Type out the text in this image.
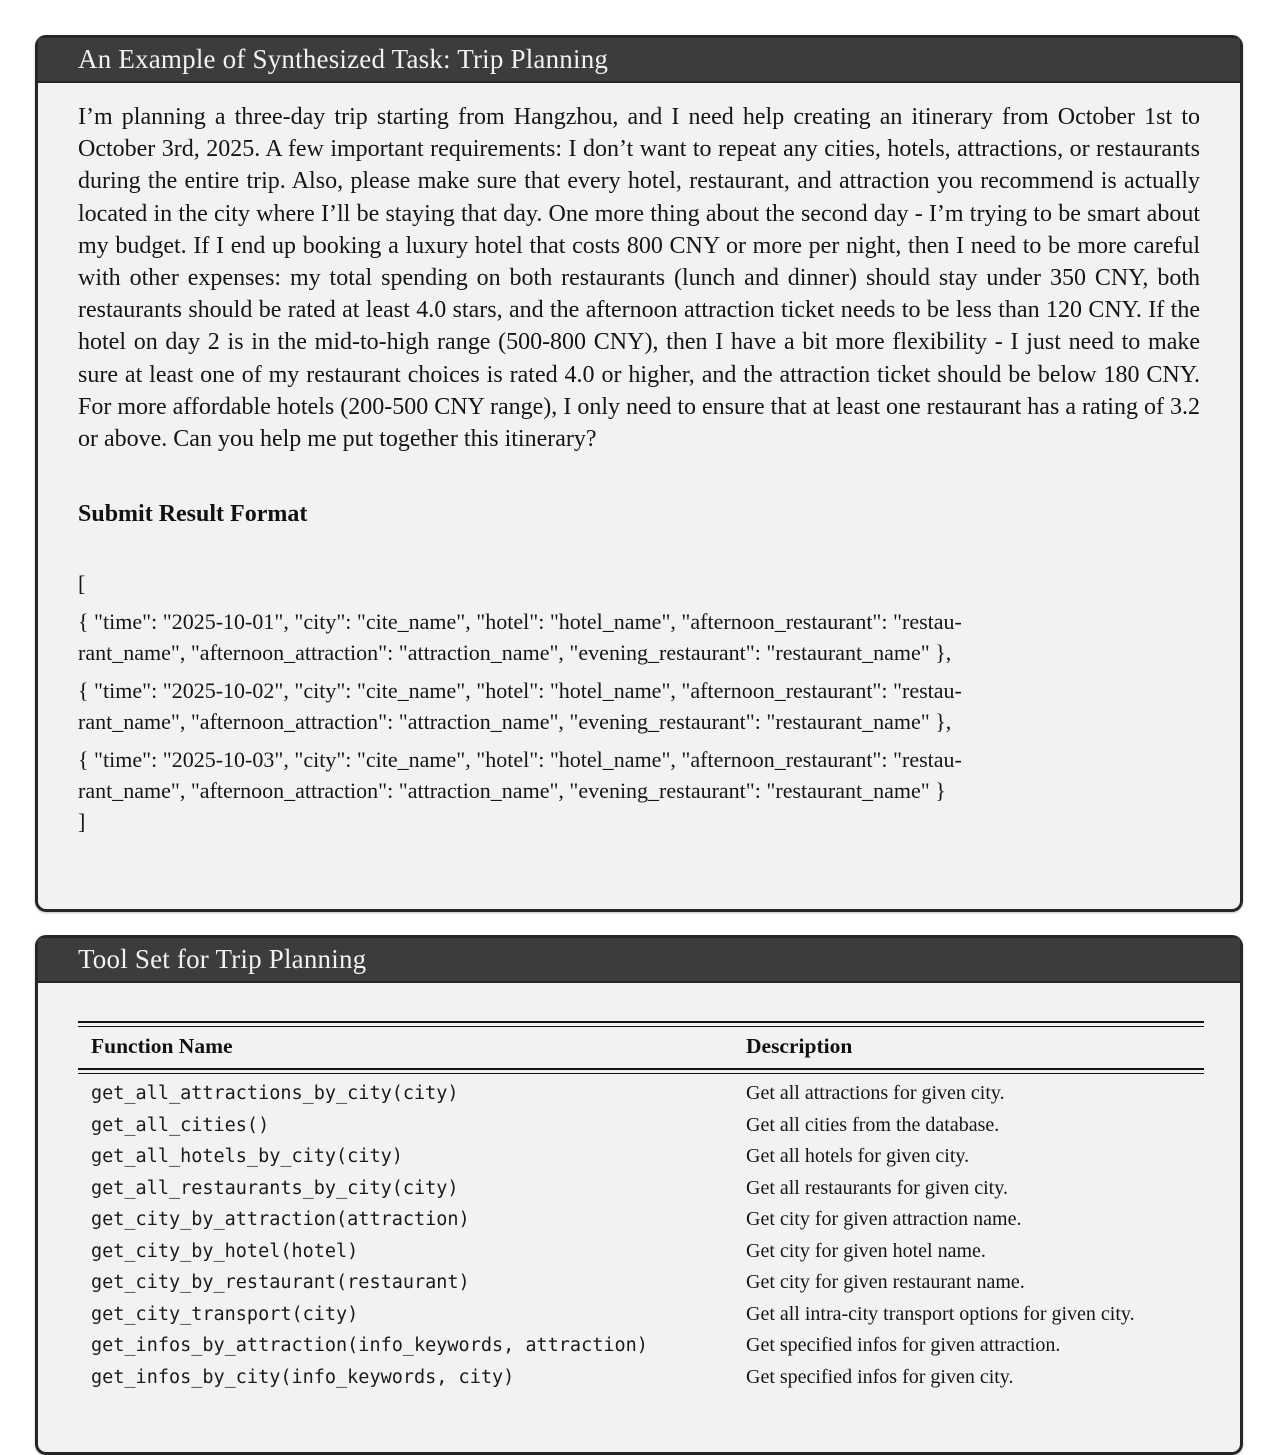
An Example of Synthesized Task: Trip Planning

I’m planning a three-day trip starting from Hangzhou, and I need help creating an itinerary from October 1st to October 3rd, 2025. A few important requirements: I don’t want to repeat any cities, hotels, attractions, or restaurants during the entire trip. Also, please make sure that every hotel, restaurant, and attraction you recommend is actually located in the city where I’ll be staying that day. One more thing about the second day - I’m trying to be smart about my budget. If I end up booking a luxury hotel that costs 800 CNY or more per night, then I need to be more careful with other expenses: my total spending on both restaurants (lunch and dinner) should stay under 350 CNY, both restaurants should be rated at least 4.0 stars, and the afternoon attraction ticket needs to be less than 120 CNY. If the hotel on day 2 is in the mid-to-high range (500-800 CNY), then I have a bit more flexibility - I just need to make sure at least one of my restaurant choices is rated 4.0 or higher, and the attraction ticket should be below 180 CNY. For more affordable hotels (200-500 CNY range), I only need to ensure that at least one restaurant has a rating of 3.2 or above. Can you help me put together this itinerary?

Submit Result Format
[
{ "time": "2025-10-01", "city": "cite_name", "hotel": "hotel_name", "afternoon_restaurant": "restau-
rant_name", "afternoon_attraction": "attraction_name", "evening_restaurant": "restaurant_name" },
{ "time": "2025-10-02", "city": "cite_name", "hotel": "hotel_name", "afternoon_restaurant": "restau-
rant_name", "afternoon_attraction": "attraction_name", "evening_restaurant": "restaurant_name" },
{ "time": "2025-10-03", "city": "cite_name", "hotel": "hotel_name", "afternoon_restaurant": "restau-
rant_name", "afternoon_attraction": "attraction_name", "evening_restaurant": "restaurant_name" }
]
Tool Set for Trip Planning
Function Name	Description
get_all_attractions_by_city(city)	Get all attractions for given city.
get_all_cities()	Get all cities from the database.
get_all_hotels_by_city(city)	Get all hotels for given city.
get_all_restaurants_by_city(city)	Get all restaurants for given city.
get_city_by_attraction(attraction)	Get city for given attraction name.
get_city_by_hotel(hotel)	Get city for given hotel name.
get_city_by_restaurant(restaurant)	Get city for given restaurant name.
get_city_transport(city)	Get all intra-city transport options for given city.
get_infos_by_attraction(info_keywords, attraction)	Get specified infos for given attraction.
get_infos_by_city(info_keywords, city)	Get specified infos for given city.
